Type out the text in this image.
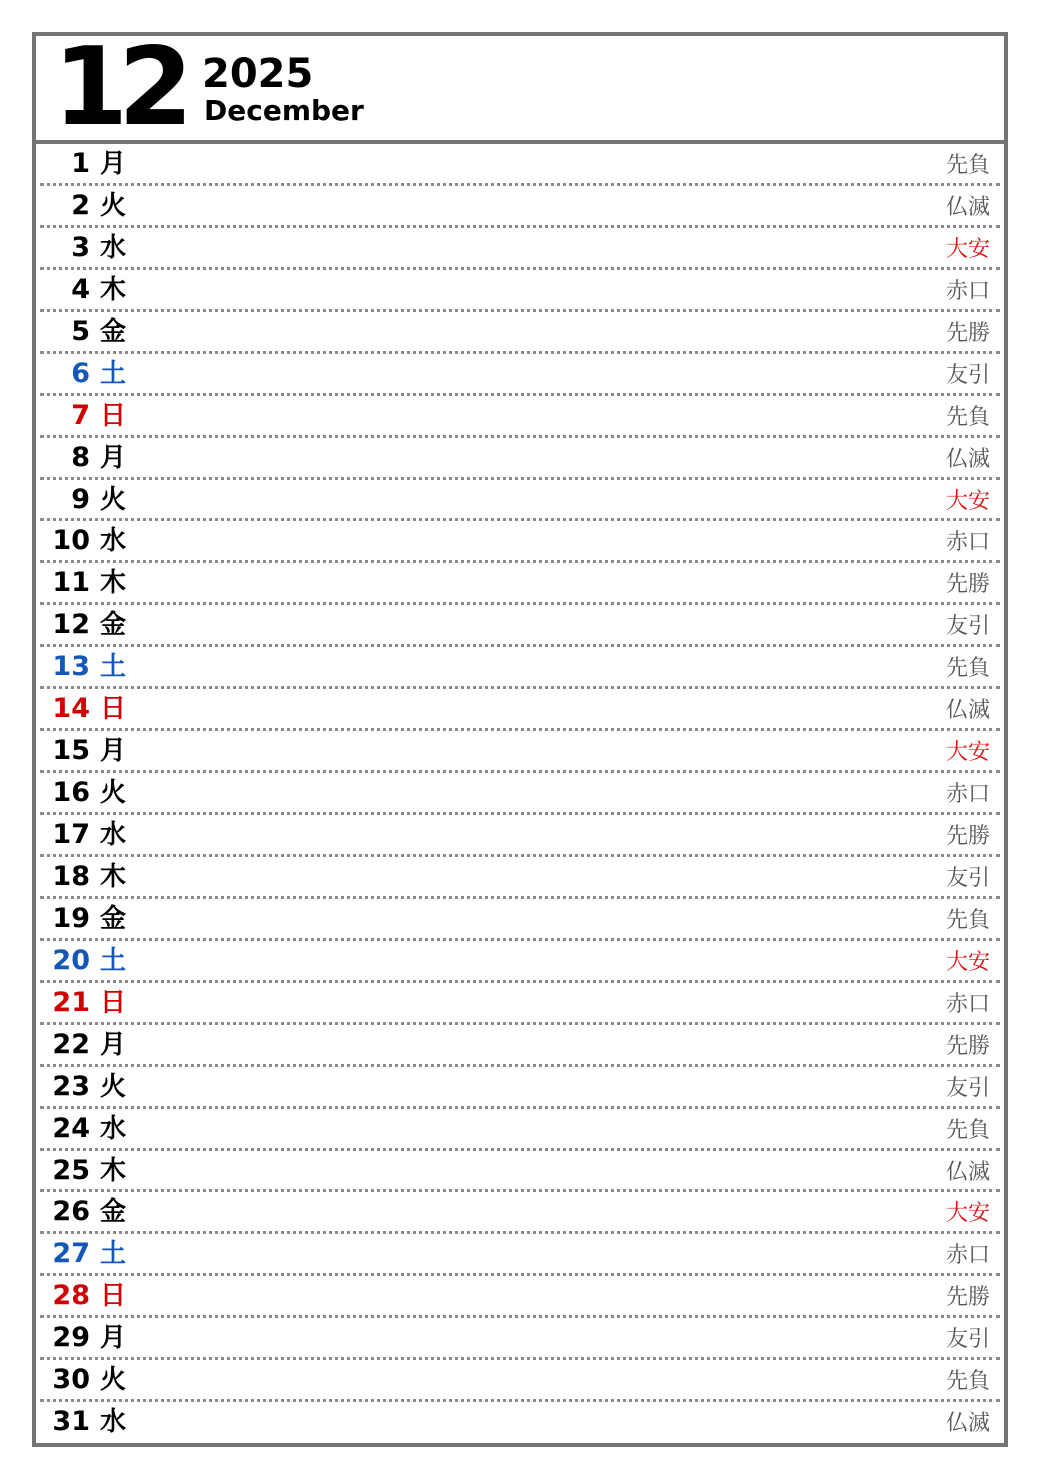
12 2025
December
1 月	先負
2 火	仏滅
3 水	大安
4 木	赤口
5 金	先勝
6 土	友引
7 日	先負
8 月	仏滅
9 火	大安
10 水	赤口
11 木	先勝
12 金	友引
13 土	先負
14 日	仏滅
15 月	大安
16 火	赤口
17 水	先勝
18 木	友引
19 金	先負
20 土	大安
21 日	赤口
22 月	先勝
23 火	友引
24 水	先負
25 木	仏滅
26 金	大安
27 土	赤口
28 日	先勝
29 月	友引
30 火	先負
31 水	仏滅
